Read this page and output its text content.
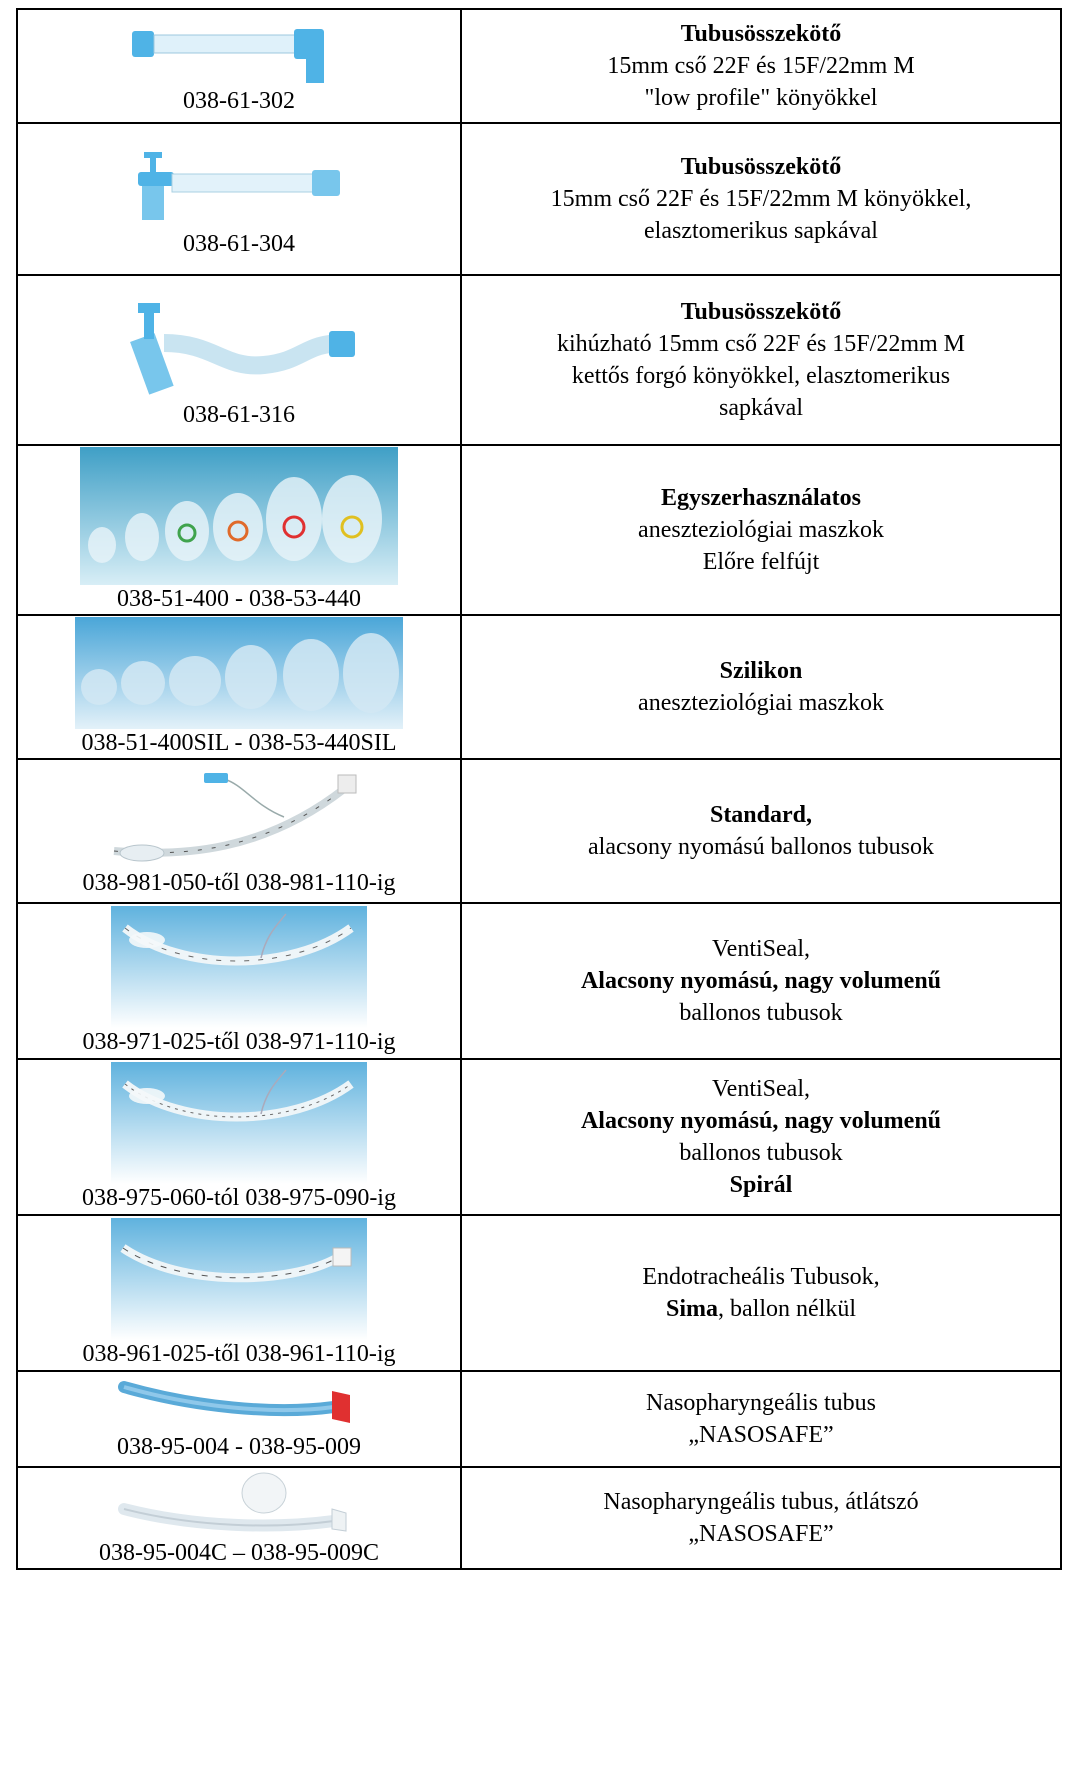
038-61-302	Tubusösszekötő
15mm cső 22F és 15F/22mm M
"low profile" könyökkel

038-61-304	Tubusösszekötő
15mm cső 22F és 15F/22mm M könyökkel,
elasztomerikus sapkával

038-61-316	Tubusösszekötő
kihúzható 15mm cső 22F és 15F/22mm M
kettős forgó könyökkel, elasztomerikus
sapkával

038-51-400 - 038-53-440	Egyszerhasználatos
aneszteziológiai maszkok
Előre felfújt

038-51-400SIL - 038-53-440SIL	Szilikon
aneszteziológiai maszkok

038-981-050-től 038-981-110-ig	Standard,
alacsony nyomású ballonos tubusok

038-971-025-től 038-971-110-ig	VentiSeal,
Alacsony nyomású, nagy volumenű
ballonos tubusok

038-975-060-tól 038-975-090-ig	VentiSeal,
Alacsony nyomású, nagy volumenű
ballonos tubusok
Spirál

038-961-025-től 038-961-110-ig	Endotracheális Tubusok,
Sima, ballon nélkül

038-95-004 - 038-95-009	Nasopharyngeális tubus
„NASOSAFE”

038-95-004C – 038-95-009C	Nasopharyngeális tubus, átlátszó
„NASOSAFE”
